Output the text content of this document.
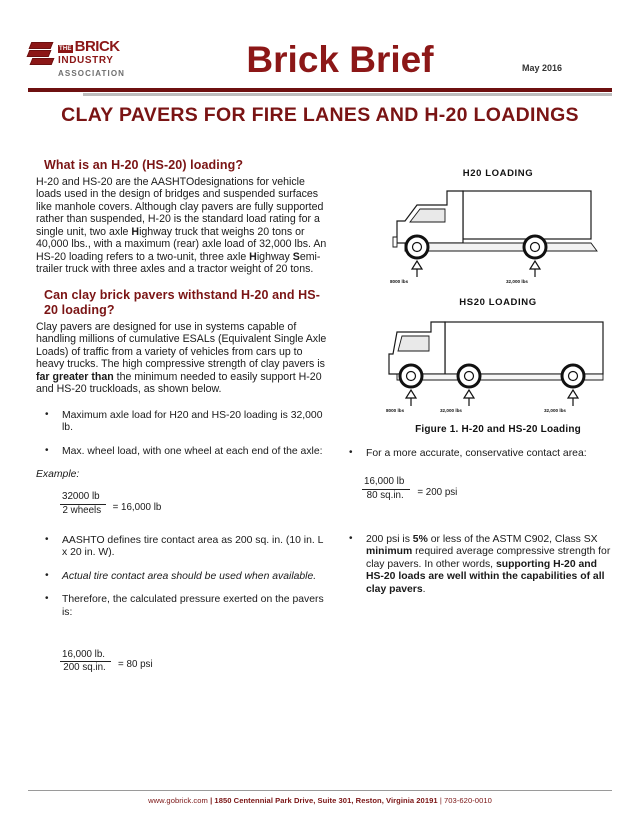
THE BRICK
INDUSTRY
ASSOCIATION	Brick Brief	May 2016
CLAY PAVERS FOR FIRE LANES AND H-20 LOADINGS
What is an H-20 (HS-20) loading?

H-20 and HS-20 are the AASHTOdesignations for vehicle loads used in the design of bridges and suspended surfaces like manhole covers. Although clay pavers are fully supported rather than suspended, H-20 is the standard load rating for a single unit, two axle Highway truck that weighs 20 tons or 40,000 lbs., with a maximum (rear) axle load of 32,000 lbs. An HS-20 loading refers to a two-unit, three axle Highway Semi-trailer truck with three axles and a tractor weight of 20 tons.

Can clay brick pavers withstand H-20 and HS-20 loading?

Clay pavers are designed for use in systems capable of handling millions of cumulative ESALs (Equivalent Single Axle Loads) of traffic from a variety of vehicles from cars up to heavy trucks. The high compressive strength of clay pavers is far greater than the minimum needed to easily support H-20 and HS-20 truckloads, as shown below.

• Maximum axle load for H20 and HS-20 loading is 32,000 lb.
• Max. wheel load, with one wheel at each end of the axle:
Example:
$\frac{32000 lb}{\text{2 wheels}} = 16,000$ lb
• AASHTO defines tire contact area as 200 sq. in. (10 in. L x 20 in. W).
• Actual tire contact area should be used when available.
• Therefore, the calculated pressure exerted on the pavers is:
$\frac{16,000 lb.}{200 sq.in.} = 80$ psi
H20 LOADING
8000 lbs	32,000 lbs
HS20 LOADING
8000 lbs	32,000 lbs	32,000 lbs
Figure 1. H-20 and HS-20 Loading
• For a more accurate, conservative contact area:
$\frac{16,000 lb}{80 sq.in.} = 200$ psi
• 200 psi is 5% or less of the ASTM C902, Class SX minimum required average compressive strength for clay pavers. In other words, supporting H-20 and HS-20 loads are well within the capabilities of all clay pavers.
www.gobrick.com | 1850 Centennial Park Drive, Suite 301, Reston, Virginia 20191 | 703-620-0010
